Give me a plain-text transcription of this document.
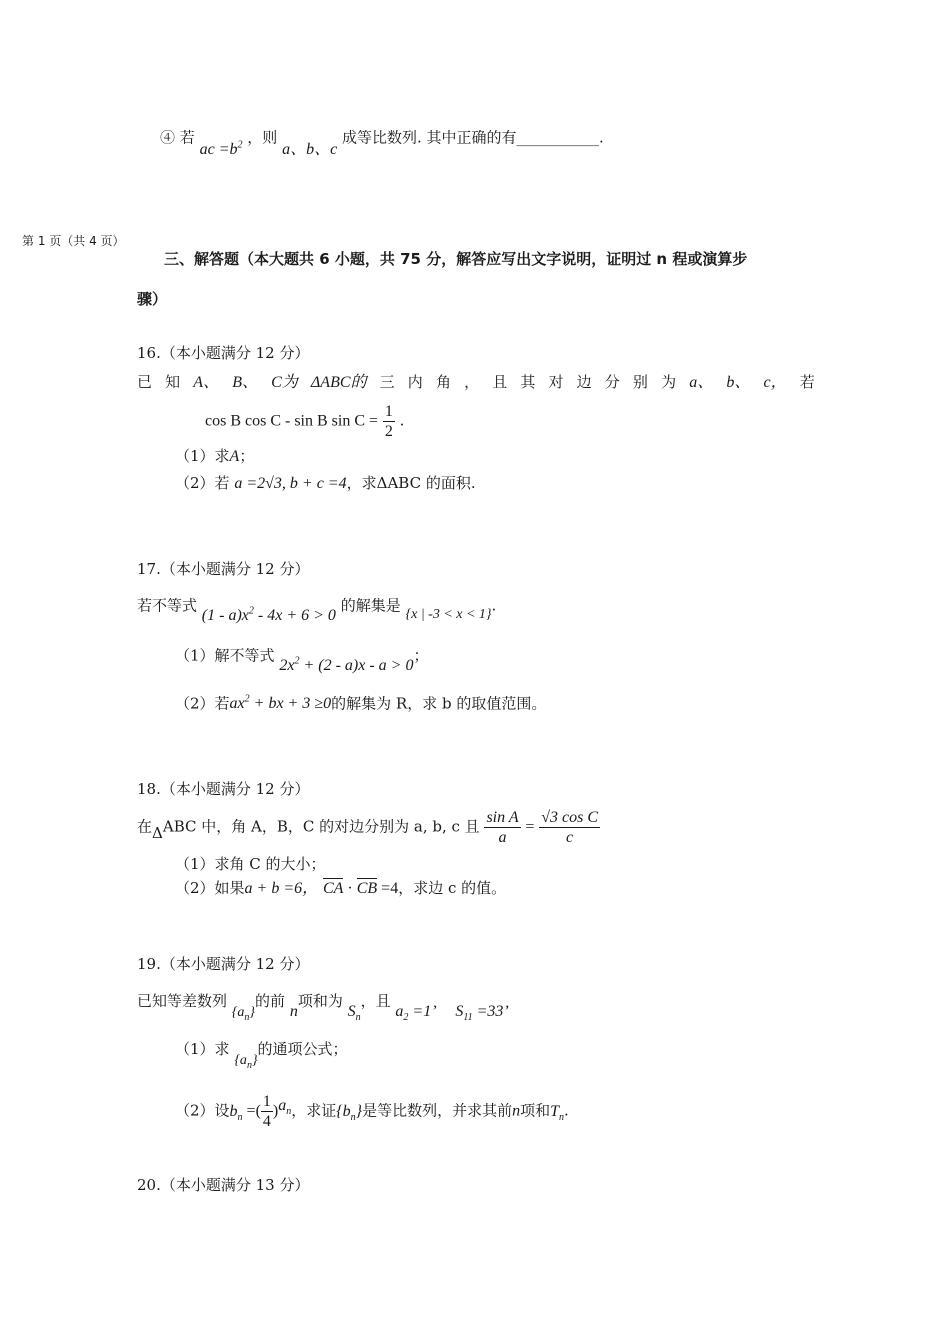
④ 若 ac $=b^2$ ，则 a、b、c 成等比数列. 其中正确的有___________.
第 1 页（共 4 页）
三、解答题（本大题共 6 小题，共 75 分，解答应写出文字说明，证明过 n 程或演算步
骤）
16.（本小题满分 12 分）
已 知 A、 B、 C为 ΔABC的 三 内 角 ， 且 其 对 边 分 别 为 a、 b、 c， 若
cos B cos C - sin B $\sin C = \frac{1}{2}$ .
（1）求A；
（2）若 a =2√3, b + c =4，求ΔABC 的面积.
17.（本小题满分 12 分）
若不等式 $(1 - a)x^2 - 4x + 6 > 0$ 的解集是 {x | -3 < x < 1}.
（1）解不等式 $2x^2 + (2 - a)x - a > 0$；
（2）若$ax^2$ + bx + 3 ≥0的解集为 R，求 b 的取值范围。
18.（本小题满分 12 分）
在ΔABC 中，角 A，B，C 的对边分别为 a, b, c 且 $\frac{\text{sin A}}{a} = \frac{\text{√3 cos C}}{c}$
（1）求角 C 的大小；
（2）如果a + b =6， CA · CB =4，求边 c 的值。
19.（本小题满分 12 分）
已知等差数列 $\{a_n\}$的前 n项和为 $S_n$，且 $a_2 =1$’ $S_{11} =33$’
（1）求 $\{a_n\}$的通项公式；
（2）设$b_n$ =( $\frac{1}{4} )^{a_n}$，求证$\{b_n\}$是等比数列，并求其前n项和$T_n$.
20.（本小题满分 13 分）
